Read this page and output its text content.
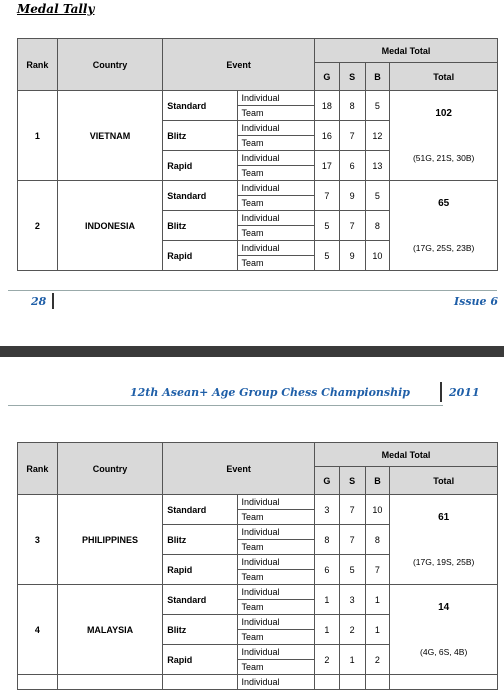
Medal Tally
Rank	Country	Event		Medal Total			
				G	S	B	Total
1	VIETNAM	Standard	Individual	18	8	5	102
			Team				
		Blitz	Individual	16	7	12	
			Team				(51G, 21S, 30B)
		Rapid	Individual	17	6	13	
			Team				
2	INDONESIA	Standard	Individual	7	9	5	65
			Team				
		Blitz	Individual	5	7	8	
			Team				(17G, 25S, 23B)
		Rapid	Individual	5	9	10	
			Team				
28	Issue 6
12th Asean+ Age Group Chess Championship	2011
Rank	Country	Event		Medal Total			
				G	S	B	Total
3	PHILIPPINES	Standard	Individual	3	7	10	61
			Team				
		Blitz	Individual	8	7	8	
			Team				(17G, 19S, 25B)
		Rapid	Individual	6	5	7	
			Team				
4	MALAYSIA	Standard	Individual	1	3	1	14
			Team				
		Blitz	Individual	1	2	1	
			Team				(4G, 6S, 4B)
		Rapid	Individual	2	1	2	
			Team				
			Individual				
